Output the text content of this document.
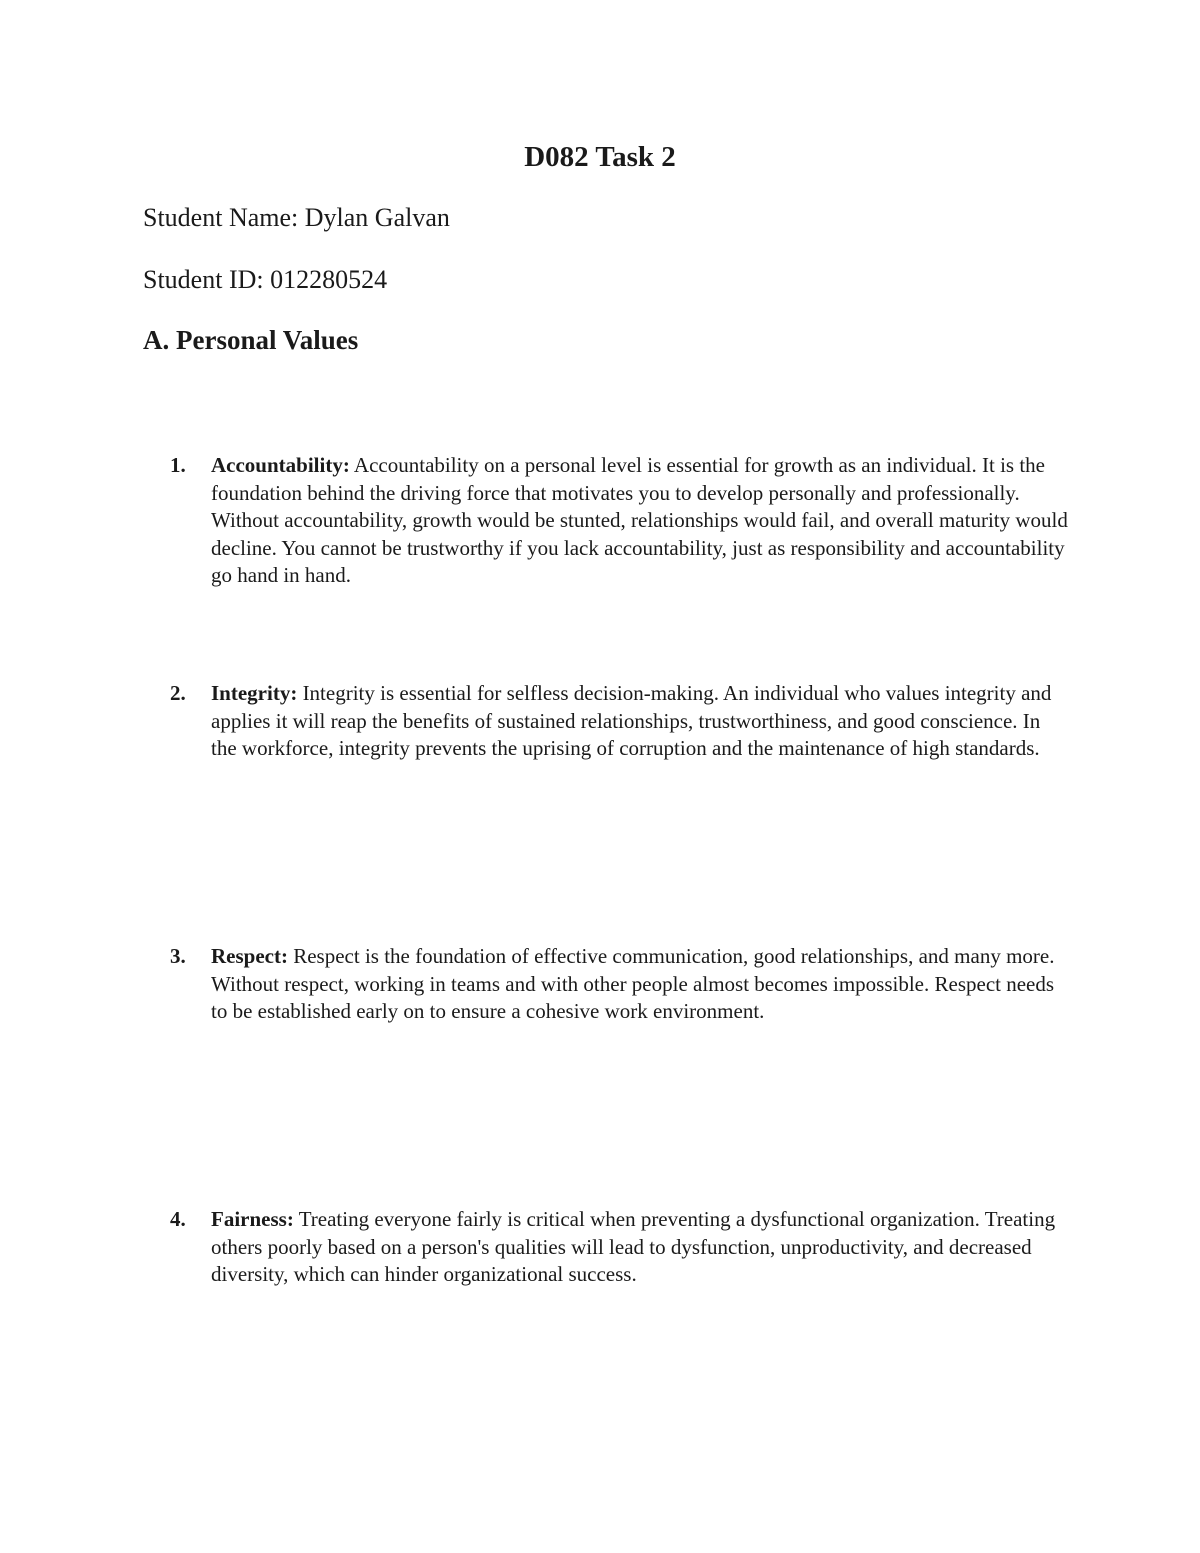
D082 Task 2

Student Name: Dylan Galvan

Student ID: 012280524

A. Personal Values
1. Accountability: Accountability on a personal level is essential for growth as an individual. It is the foundation behind the driving force that motivates you to develop personally and professionally. Without accountability, growth would be stunted, relationships would fail, and overall maturity would decline. You cannot be trustworthy if you lack accountability, just as responsibility and accountability go hand in hand.
2. Integrity: Integrity is essential for selfless decision-making. An individual who values integrity and applies it will reap the benefits of sustained relationships, trustworthiness, and good conscience. In the workforce, integrity prevents the uprising of corruption and the maintenance of high standards.
3. Respect: Respect is the foundation of effective communication, good relationships, and many more. Without respect, working in teams and with other people almost becomes impossible. Respect needs to be established early on to ensure a cohesive work environment.
4. Fairness: Treating everyone fairly is critical when preventing a dysfunctional organization. Treating others poorly based on a person's qualities will lead to dysfunction, unproductivity, and decreased diversity, which can hinder organizational success.
